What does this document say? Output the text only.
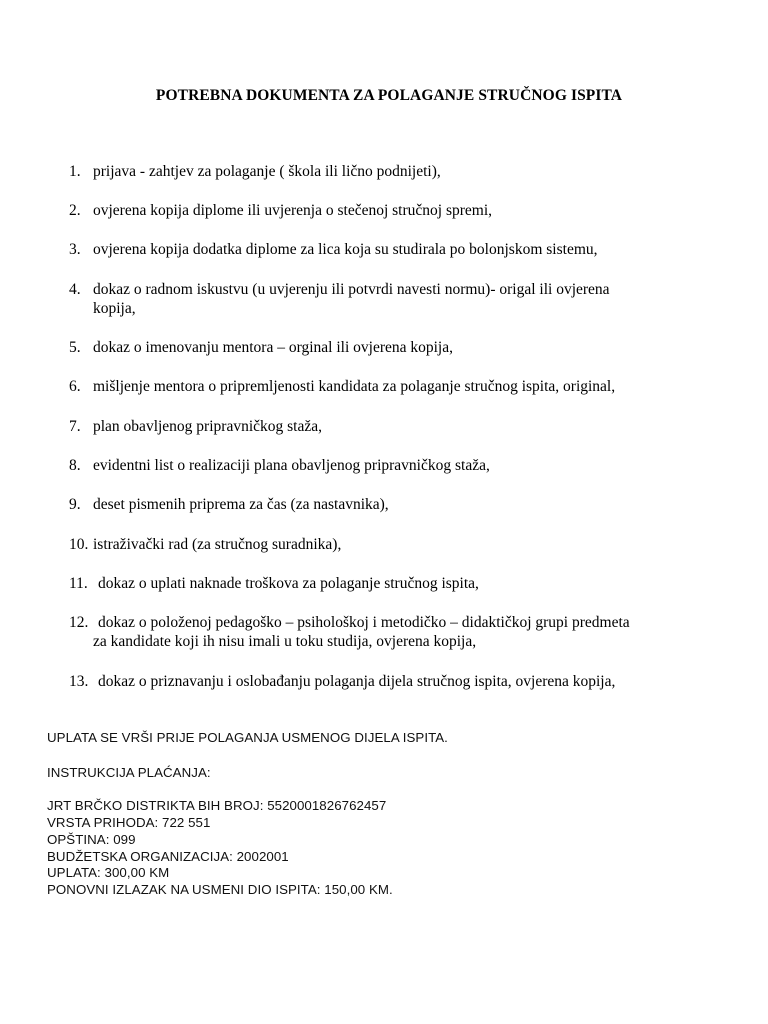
POTREBNA DOKUMENTA ZA POLAGANJE STRUČNOG ISPITA
1. prijava - zahtjev za polaganje ( škola ili lično podnijeti),
2. ovjerena kopija diplome ili uvjerenja o stečenoj stručnoj spremi,
3. ovjerena kopija dodatka diplome za lica koja su studirala po bolonjskom sistemu,
4. dokaz o radnom iskustvu (u uvjerenju ili potvrdi navesti normu)- origal ili ovjerena
kopija,
5. dokaz o imenovanju mentora – orginal ili ovjerena kopija,
6. mišljenje mentora o pripremljenosti kandidata za polaganje stručnog ispita, original,
7. plan obavljenog pripravničkog staža,
8. evidentni list o realizaciji plana obavljenog pripravničkog staža,
9. deset pismenih priprema za čas (za nastavnika),
10. istraživački rad (za stručnog suradnika),
11. dokaz o uplati naknade troškova za polaganje stručnog ispita,
12. dokaz o položenoj pedagoško – psihološkoj i metodičko – didaktičkoj grupi predmeta
za kandidate koji ih nisu imali u toku studija, ovjerena kopija,
13. dokaz o priznavanju i oslobađanju polaganja dijela stručnog ispita, ovjerena kopija,
UPLATA SE VRŠI PRIJE POLAGANJA USMENOG DIJELA ISPITA.
INSTRUKCIJA PLAĆANJA:
JRT BRČKO DISTRIKTA BIH BROJ: 5520001826762457
VRSTA PRIHODA: 722 551
OPŠTINA: 099
BUDŽETSKA ORGANIZACIJA: 2002001
UPLATA: 300,00 KM
PONOVNI IZLAZAK NA USMENI DIO ISPITA: 150,00 KM.
